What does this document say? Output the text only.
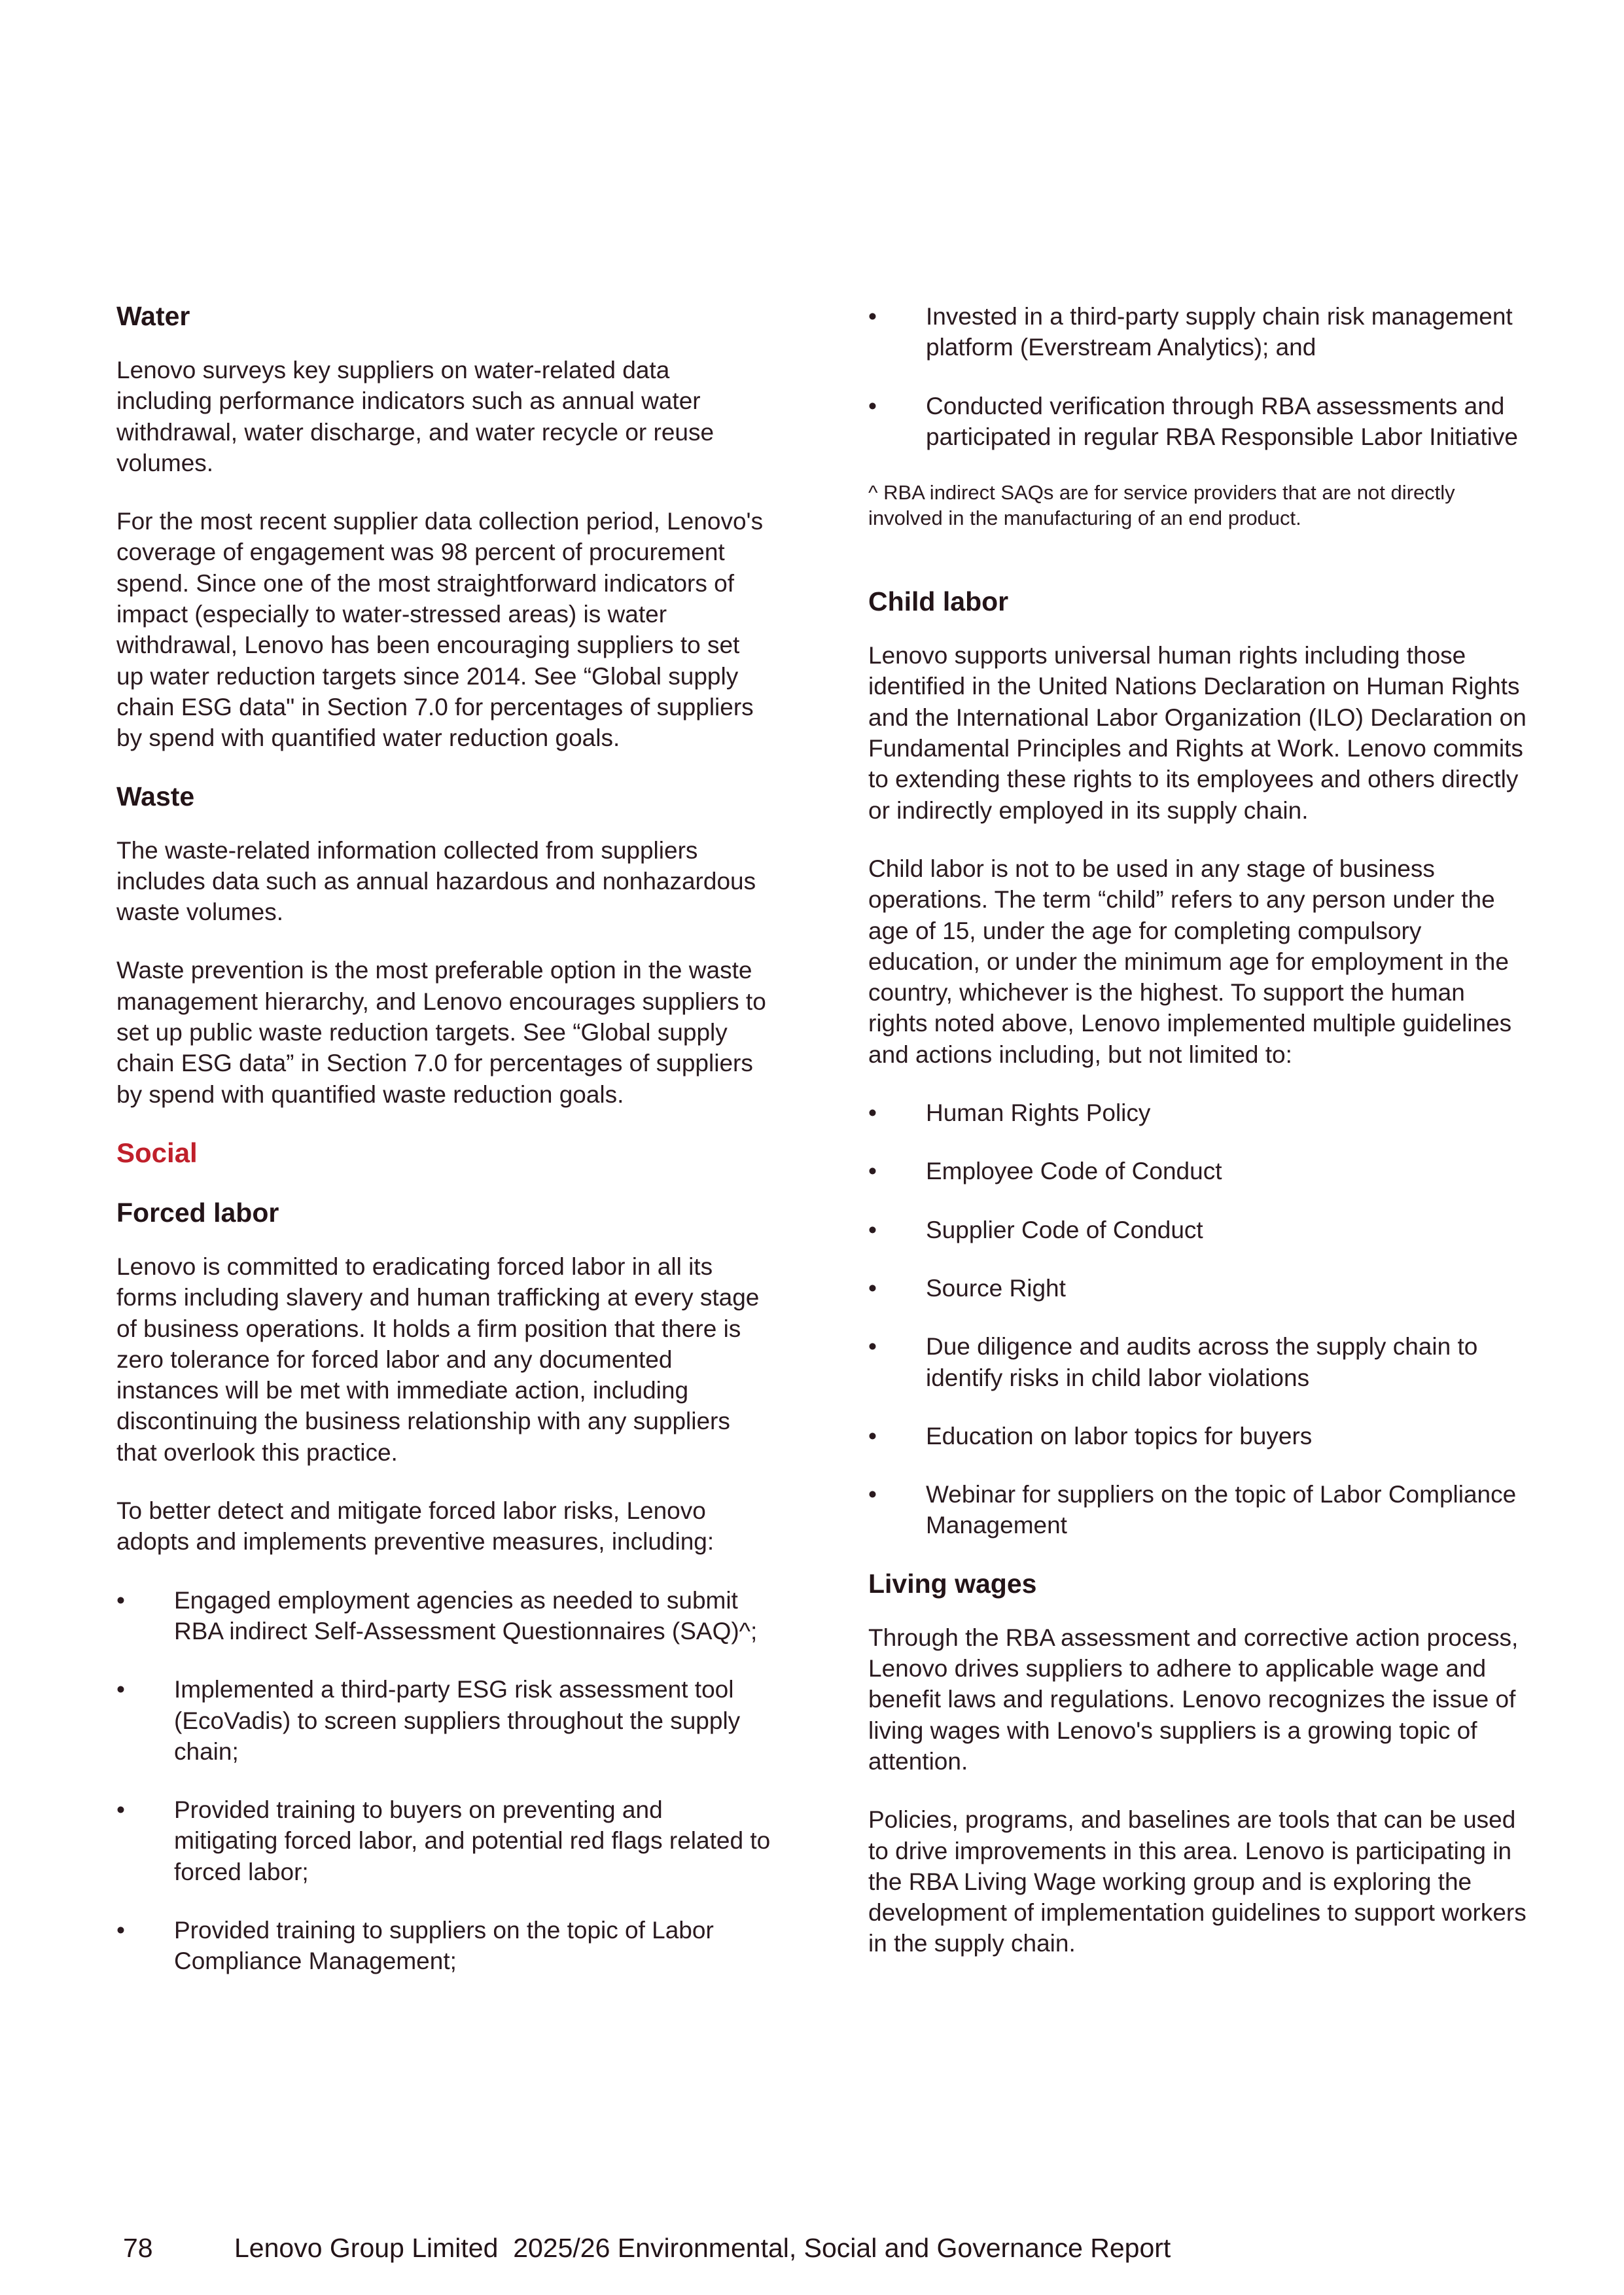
Water

Lenovo surveys key suppliers on water-related data including performance indicators such as annual water withdrawal, water discharge, and water recycle or reuse volumes.

For the most recent supplier data collection period, Lenovo's coverage of engagement was 98 percent of procurement spend. Since one of the most straightforward indicators of impact (especially to water-stressed areas) is water withdrawal, Lenovo has been encouraging suppliers to set up water reduction targets since 2014. See “Global supply chain ESG data" in Section 7.0 for percentages of suppliers by spend with quantified water reduction goals.

Waste

The waste-related information collected from suppliers includes data such as annual hazardous and nonhazardous waste volumes.

Waste prevention is the most preferable option in the waste management hierarchy, and Lenovo encourages suppliers to set up public waste reduction targets. See “Global supply chain ESG data” in Section 7.0 for percentages of suppliers by spend with quantified waste reduction goals.

Social
Forced labor

Lenovo is committed to eradicating forced labor in all its forms including slavery and human trafficking at every stage of business operations. It holds a firm position that there is zero tolerance for forced labor and any documented instances will be met with immediate action, including discontinuing the business relationship with any suppliers that overlook this practice.

To better detect and mitigate forced labor risks, Lenovo adopts and implements preventive measures, including:

•	Engaged employment agencies as needed to submit RBA indirect Self-Assessment Questionnaires (SAQ)^;
•	Implemented a third-party ESG risk assessment tool (EcoVadis) to screen suppliers throughout the supply chain;
•	Provided training to buyers on preventing and mitigating forced labor, and potential red flags related to forced labor;
•	Provided training to suppliers on the topic of Labor Compliance Management;
•	Invested in a third-party supply chain risk management platform (Everstream Analytics); and
•	Conducted verification through RBA assessments and participated in regular RBA Responsible Labor Initiative

^ RBA indirect SAQs are for service providers that are not directly involved in the manufacturing of an end product.

Child labor

Lenovo supports universal human rights including those identified in the United Nations Declaration on Human Rights and the International Labor Organization (ILO) Declaration on Fundamental Principles and Rights at Work. Lenovo commits to extending these rights to its employees and others directly or indirectly employed in its supply chain.

Child labor is not to be used in any stage of business operations. The term “child” refers to any person under the age of 15, under the age for completing compulsory education, or under the minimum age for employment in the country, whichever is the highest. To support the human rights noted above, Lenovo implemented multiple guidelines and actions including, but not limited to:

•	Human Rights Policy
•	Employee Code of Conduct
•	Supplier Code of Conduct
•	Source Right
•	Due diligence and audits across the supply chain to identify risks in child labor violations
•	Education on labor topics for buyers
•	Webinar for suppliers on the topic of Labor Compliance Management
Living wages

Through the RBA assessment and corrective action process, Lenovo drives suppliers to adhere to applicable wage and benefit laws and regulations. Lenovo recognizes the issue of living wages with Lenovo's suppliers is a growing topic of attention.

Policies, programs, and baselines are tools that can be used to drive improvements in this area. Lenovo is participating in the RBA Living Wage working group and is exploring the development of implementation guidelines to support workers in the supply chain.

78	Lenovo Group Limited  2025/26 Environmental, Social and Governance Report
